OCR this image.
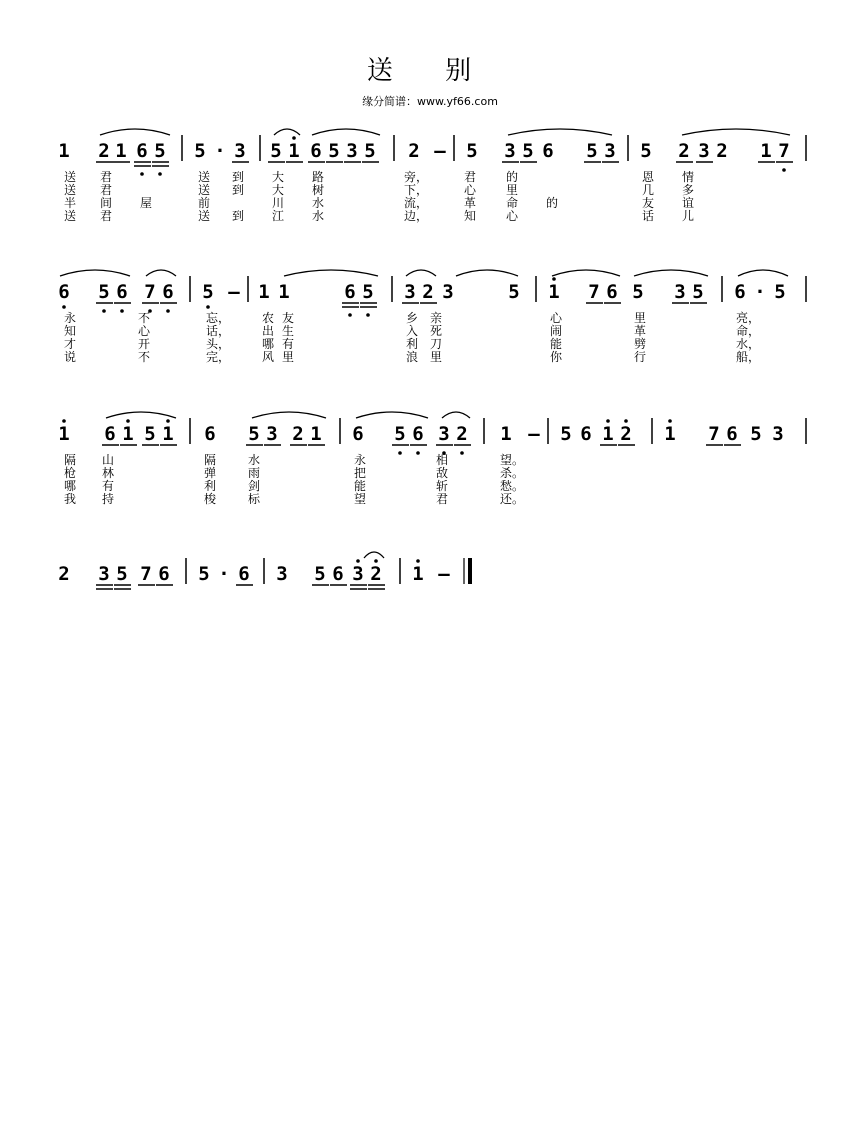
送 别
缘分简谱：www.yf66.com
1 2 1 6 5 5 · 3 5 1 6 5 3 5 2 – 5 3 5 6 5 3 5 2 3 2 1 7
送 君	送 到 大 路	旁，	君 的	恩 情
送 君	送 到 大 树	下，	心 里	几 多
半 间 屋	前	川 水	流，	革 命 的	友 谊
送 君	送 到 江 水	边，	知 心	话 儿
6 5 6 7 6 5 – 1 1	6 5 3 2 3	5 1 7 6 5 3 5 6 · 5
永	不	忘，	农 友	乡 亲	心	里	亮，
知	心	话，	出 生	入 死	闹	革	命，
才	开	头，	哪 有	利 刀	能	劈	水，
说	不	完，	风 里	浪 里	你	行	船，
1 6 1 5 1 6 5 3 2 1 6 5 6 3 2 1 – 5 6 1 2 1 7 6 5 3
隔 山	隔	水	永	相	望。
枪 林	弹	雨	把	敌	杀。
哪 有	利	剑	能	斩	愁。
我 持	梭	标	望	君	还。
2 3 5 7 6 5 · 6 3 5 6 3 2 1 –
